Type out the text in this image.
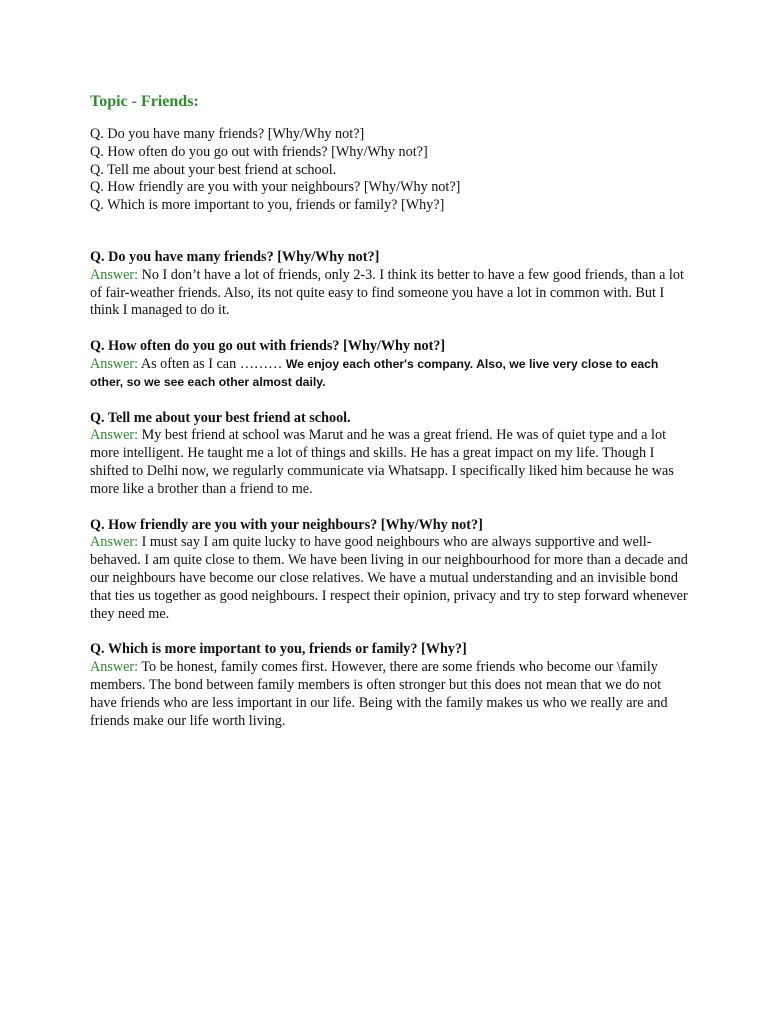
Topic - Friends:
Q. Do you have many friends? [Why/Why not?]
Q. How often do you go out with friends? [Why/Why not?]
Q. Tell me about your best friend at school.
Q. How friendly are you with your neighbours? [Why/Why not?]
Q. Which is more important to you, friends or family? [Why?]
Q. Do you have many friends? [Why/Why not?]
Answer: No I don’t have a lot of friends, only 2-3. I think its better to have a few good friends, than a lot of fair-weather friends. Also, its not quite easy to find someone you have a lot in common with. But I think I managed to do it.
Q. How often do you go out with friends? [Why/Why not?]
Answer: As often as I can ……… We enjoy each other's company. Also, we live very close to each other, so we see each other almost daily.
Q. Tell me about your best friend at school.
Answer: My best friend at school was Marut and he was a great friend. He was of quiet type and a lot more intelligent. He taught me a lot of things and skills. He has a great impact on my life. Though I shifted to Delhi now, we regularly communicate via Whatsapp. I specifically liked him because he was more like a brother than a friend to me.
Q. How friendly are you with your neighbours? [Why/Why not?]
Answer: I must say I am quite lucky to have good neighbours who are always supportive and well-behaved. I am quite close to them. We have been living in our neighbourhood for more than a decade and our neighbours have become our close relatives. We have a mutual understanding and an invisible bond that ties us together as good neighbours. I respect their opinion, privacy and try to step forward whenever they need me.
Q. Which is more important to you, friends or family? [Why?]
Answer: To be honest, family comes first. However, there are some friends who become our \family members. The bond between family members is often stronger but this does not mean that we do not have friends who are less important in our life. Being with the family makes us who we really are and friends make our life worth living.
